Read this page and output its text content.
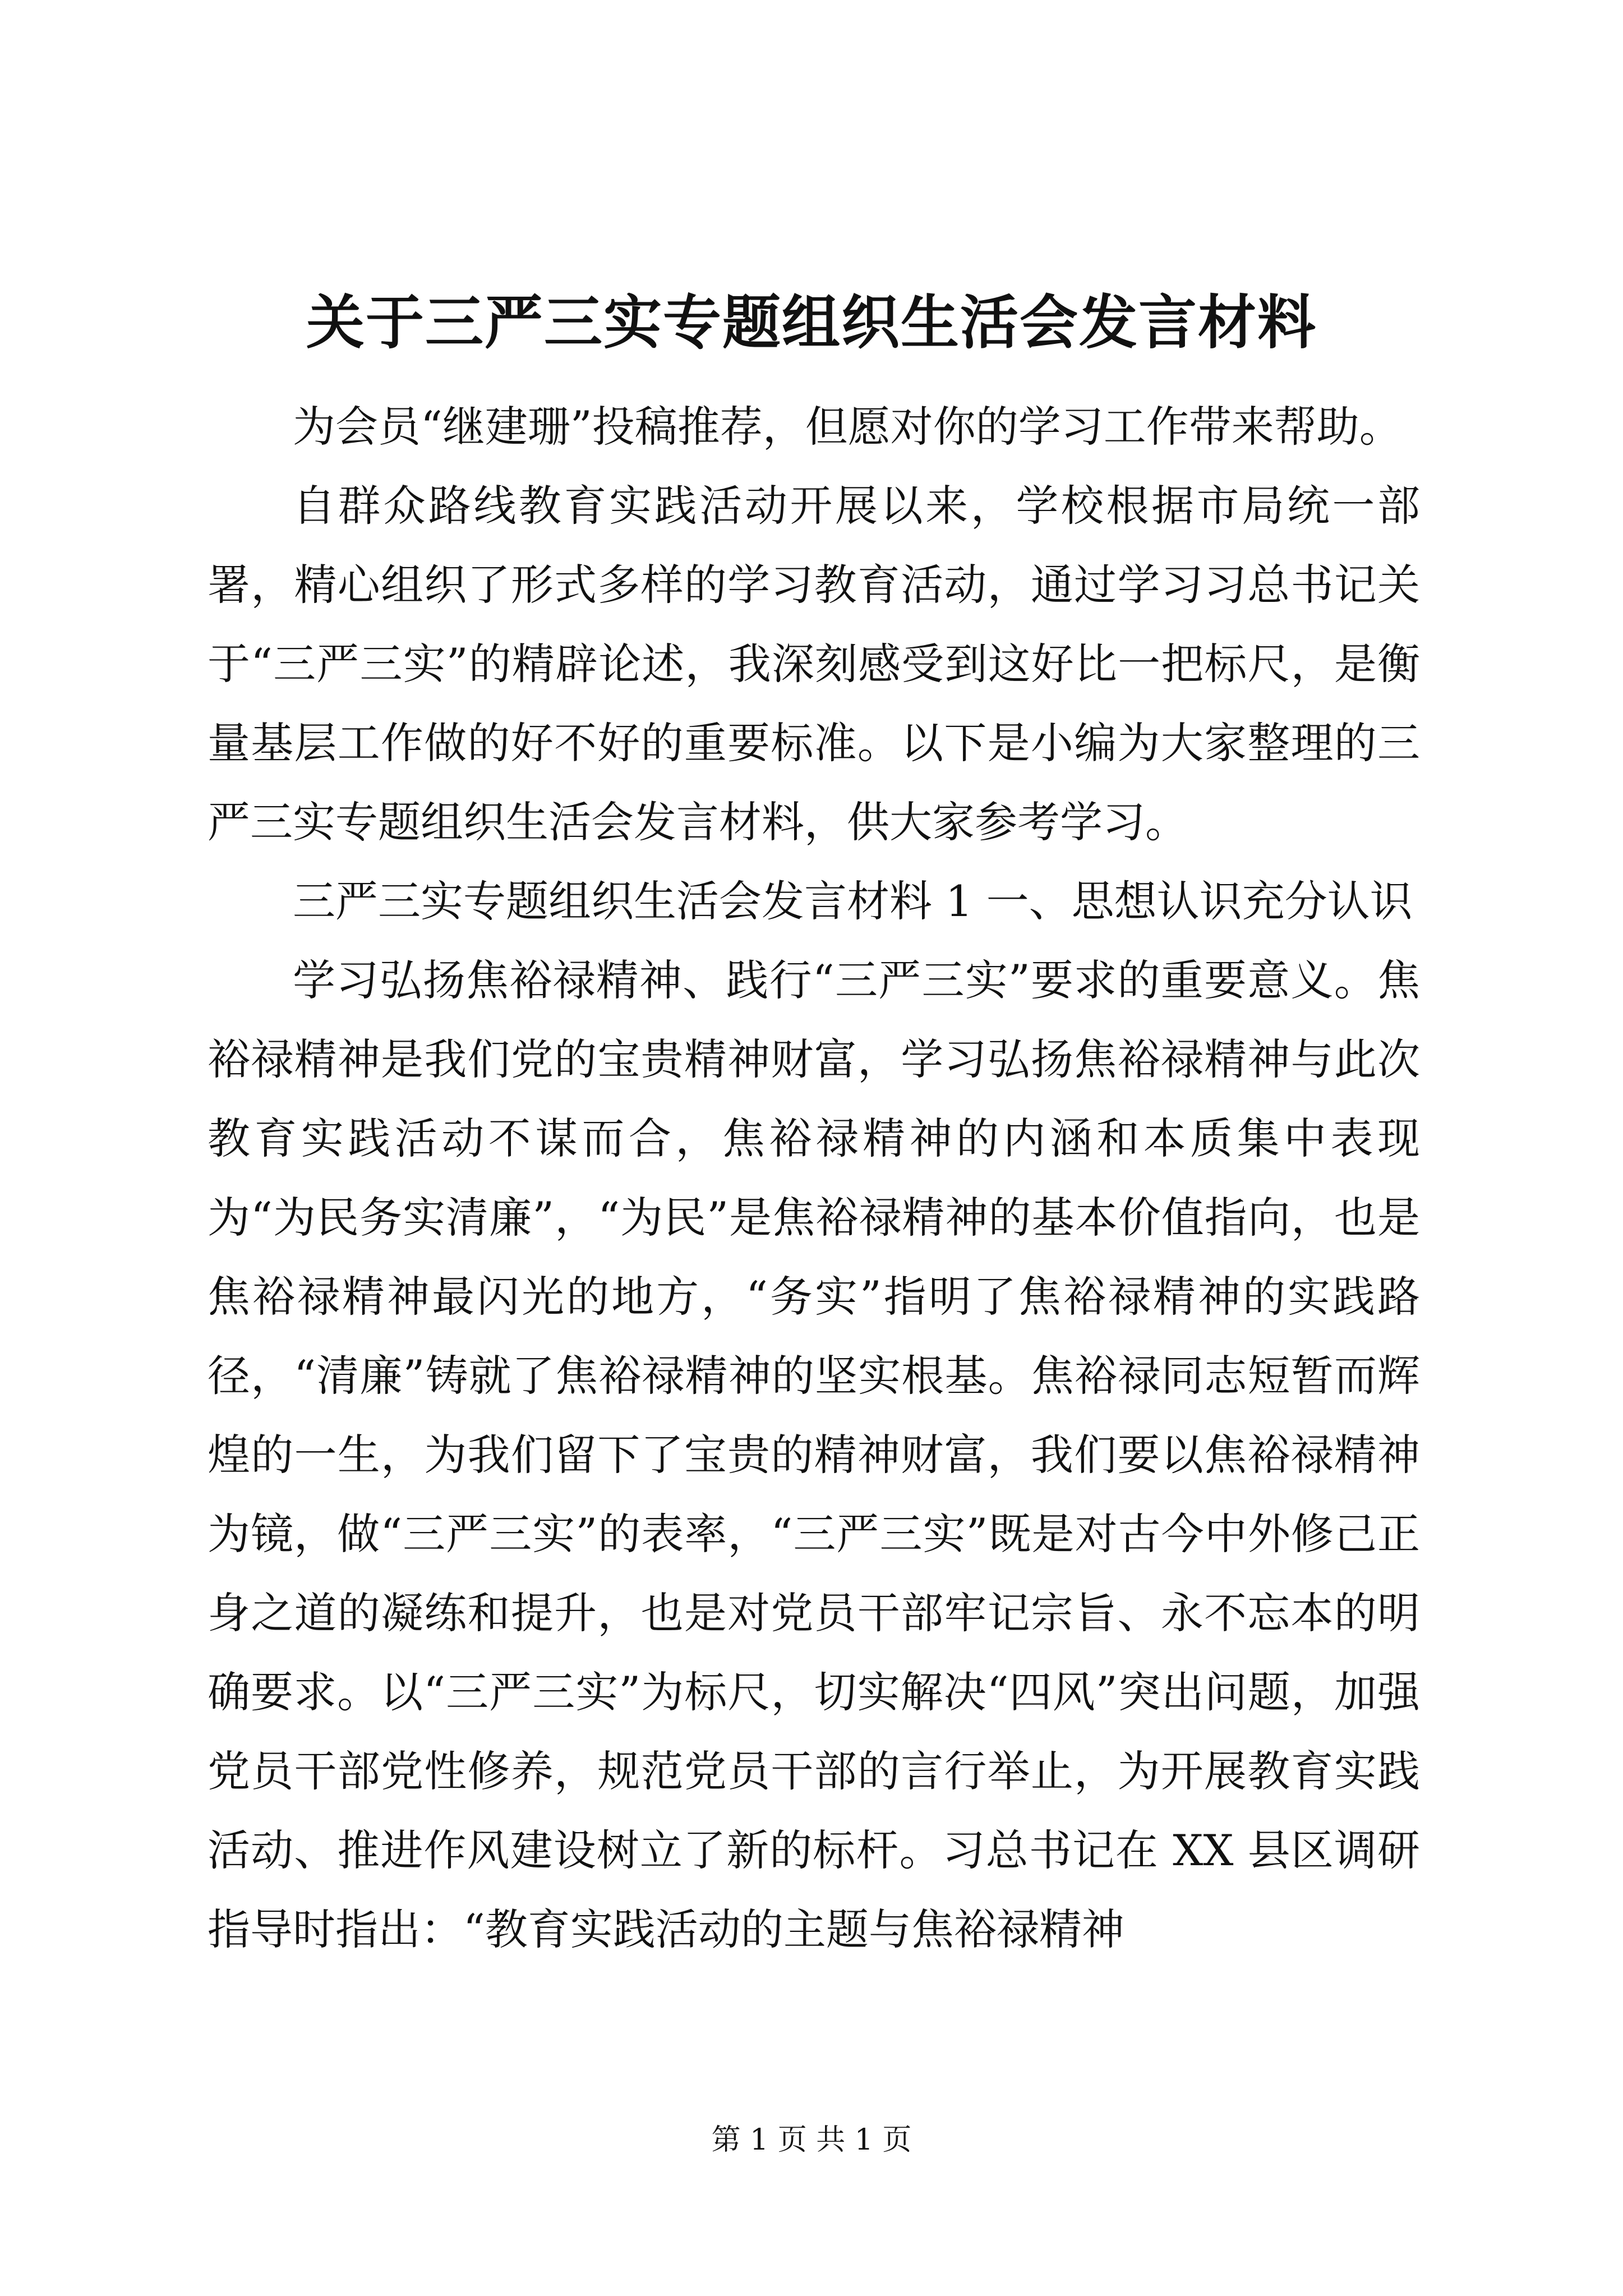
关于三严三实专题组织生活会发言材料

为会员“继建珊”投稿推荐，但愿对你的学习工作带来帮助。

自群众路线教育实践活动开展以来，学校根据市局统一部署，精心组织了形式多样的学习教育活动，通过学习习总书记关于“三严三实”的精辟论述，我深刻感受到这好比一把标尺，是衡量基层工作做的好不好的重要标准。以下是小编为大家整理的三严三实专题组织生活会发言材料，供大家参考学习。

三严三实专题组织生活会发言材料 1 一、思想认识充分认识

学习弘扬焦裕禄精神、践行“三严三实”要求的重要意义。焦裕禄精神是我们党的宝贵精神财富，学习弘扬焦裕禄精神与此次教育实践活动不谋而合，焦裕禄精神的内涵和本质集中表现为“为民务实清廉”，“为民”是焦裕禄精神的基本价值指向，也是焦裕禄精神最闪光的地方，“务实”指明了焦裕禄精神的实践路径，“清廉”铸就了焦裕禄精神的坚实根基。焦裕禄同志短暂而辉煌的一生，为我们留下了宝贵的精神财富，我们要以焦裕禄精神为镜，做“三严三实”的表率，“三严三实”既是对古今中外修己正身之道的凝练和提升，也是对党员干部牢记宗旨、永不忘本的明确要求。以“三严三实”为标尺，切实解决“四风”突出问题，加强党员干部党性修养，规范党员干部的言行举止，为开展教育实践活动、推进作风建设树立了新的标杆。习总书记在 XX 县区调研指导时指出：“教育实践活动的主题与焦裕禄精神

第 1 页 共 1 页
